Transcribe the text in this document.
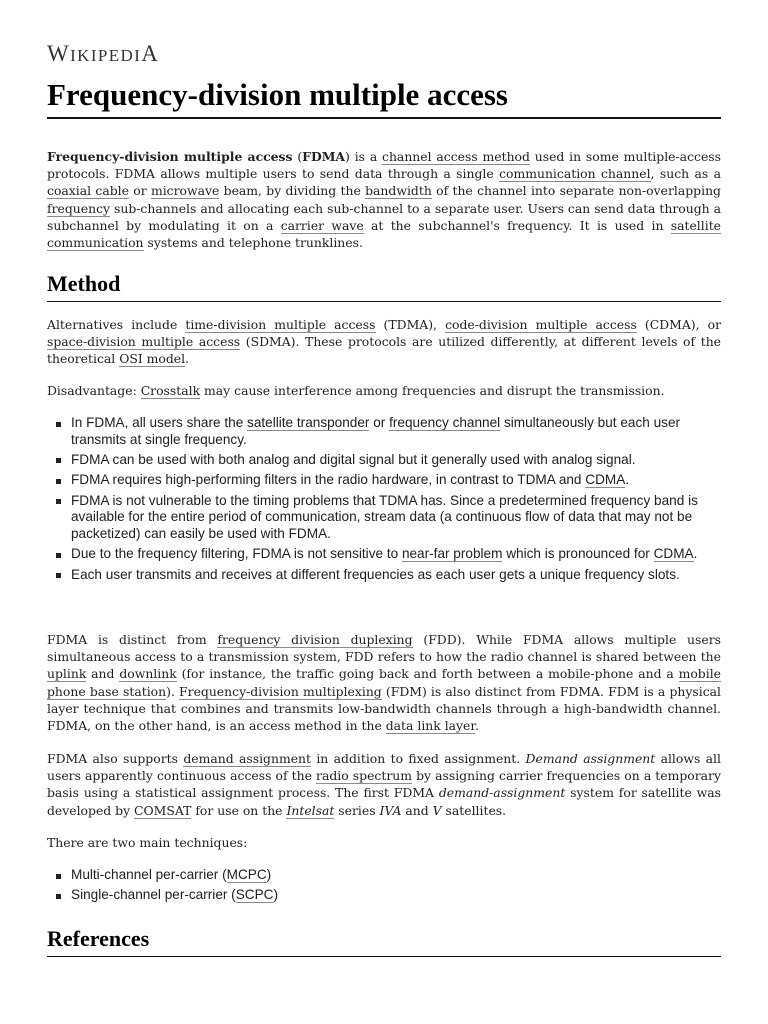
WIKIPEDIA
Frequency-division multiple access

Frequency-division multiple access (FDMA) is a channel access method used in some multiple-access protocols. FDMA allows multiple users to send data through a single communication channel, such as a coaxial cable or microwave beam, by dividing the bandwidth of the channel into separate non-overlapping frequency sub-channels and allocating each sub-channel to a separate user. Users can send data through a subchannel by modulating it on a carrier wave at the subchannel's frequency. It is used in satellite communication systems and telephone trunklines.

Method

Alternatives include time-division multiple access (TDMA), code-division multiple access (CDMA), or space-division multiple access (SDMA). These protocols are utilized differently, at different levels of the theoretical OSI model.

Disadvantage: Crosstalk may cause interference among frequencies and disrupt the transmission.

In FDMA, all users share the satellite transponder or frequency channel simultaneously but each user transmits at single frequency.
FDMA can be used with both analog and digital signal but it generally used with analog signal.
FDMA requires high-performing filters in the radio hardware, in contrast to TDMA and CDMA.
FDMA is not vulnerable to the timing problems that TDMA has. Since a predetermined frequency band is available for the entire period of communication, stream data (a continuous flow of data that may not be packetized) can easily be used with FDMA.
Due to the frequency filtering, FDMA is not sensitive to near-far problem which is pronounced for CDMA.
Each user transmits and receives at different frequencies as each user gets a unique frequency slots.

FDMA is distinct from frequency division duplexing (FDD). While FDMA allows multiple users simultaneous access to a transmission system, FDD refers to how the radio channel is shared between the uplink and downlink (for instance, the traffic going back and forth between a mobile-phone and a mobile phone base station). Frequency-division multiplexing (FDM) is also distinct from FDMA. FDM is a physical layer technique that combines and transmits low-bandwidth channels through a high-bandwidth channel. FDMA, on the other hand, is an access method in the data link layer.

FDMA also supports demand assignment in addition to fixed assignment. Demand assignment allows all users apparently continuous access of the radio spectrum by assigning carrier frequencies on a temporary basis using a statistical assignment process. The first FDMA demand-assignment system for satellite was developed by COMSAT for use on the Intelsat series IVA and V satellites.

There are two main techniques:

Multi-channel per-carrier (MCPC)
Single-channel per-carrier (SCPC)
References
